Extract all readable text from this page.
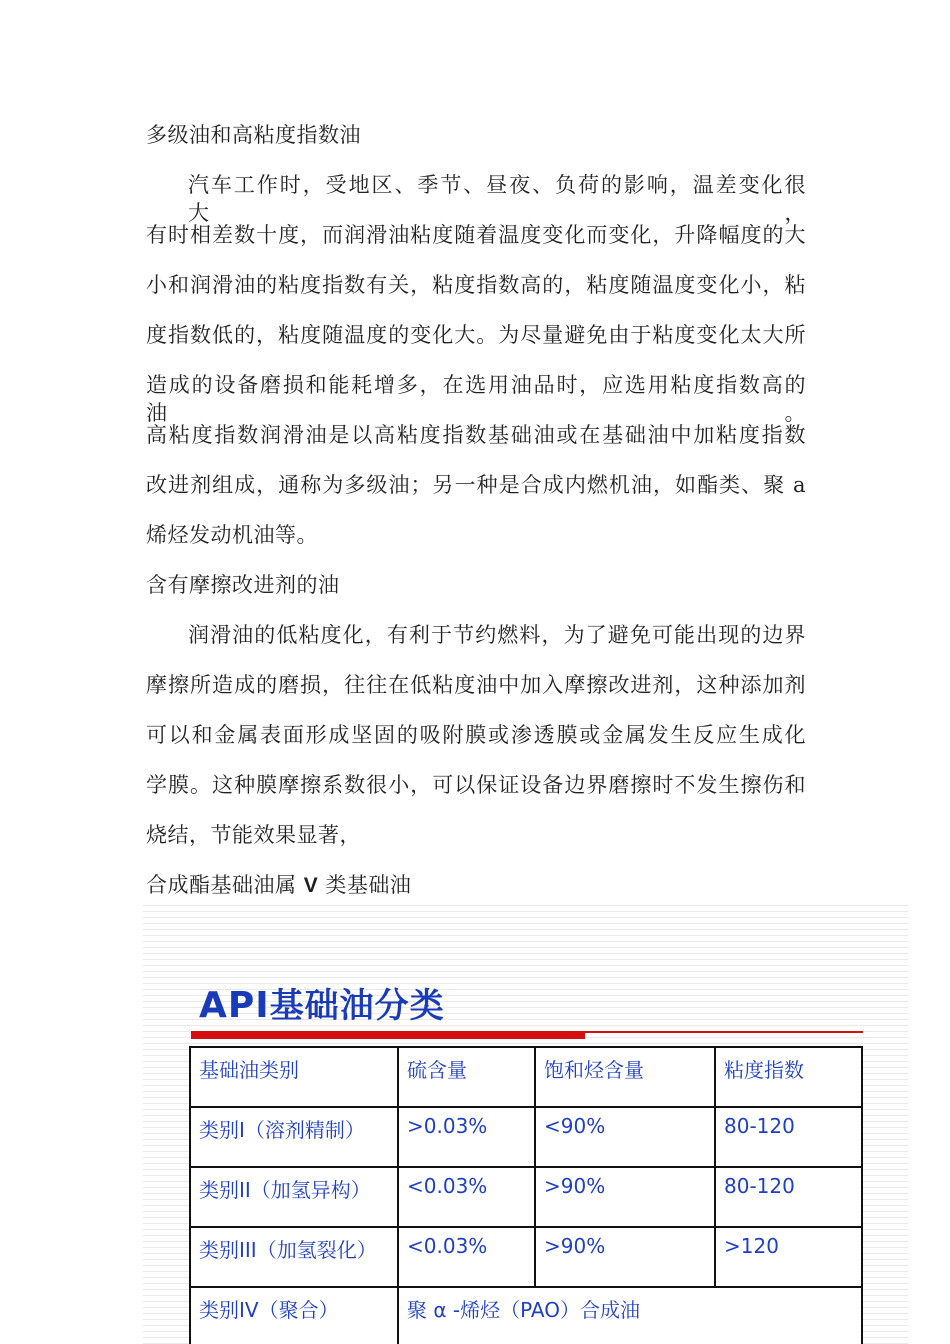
多级油和高粘度指数油
汽车工作时，受地区、季节、昼夜、负荷的影响，温差变化很大，
有时相差数十度，而润滑油粘度随着温度变化而变化，升降幅度的大
小和润滑油的粘度指数有关，粘度指数高的，粘度随温度变化小，粘
度指数低的，粘度随温度的变化大。为尽量避免由于粘度变化太大所
造成的设备磨损和能耗增多，在选用油品时，应选用粘度指数高的油。
高粘度指数润滑油是以高粘度指数基础油或在基础油中加粘度指数
改进剂组成，通称为多级油；另一种是合成内燃机油，如酯类、聚 a
烯烃发动机油等。
含有摩擦改进剂的油
润滑油的低粘度化，有利于节约燃料，为了避免可能出现的边界
摩擦所造成的磨损，往往在低粘度油中加入摩擦改进剂，这种添加剂
可以和金属表面形成坚固的吸附膜或渗透膜或金属发生反应生成化
学膜。这种膜摩擦系数很小，可以保证设备边界磨擦时不发生擦伤和
烧结，节能效果显著，
合成酯基础油属 V 类基础油
API基础油分类
基础油类别	硫含量	饱和烃含量	粘度指数
类别I（溶剂精制）	>0.03%	<90%	80-120
类别II（加氢异构）	<0.03%	>90%	80-120
类别III（加氢裂化）	<0.03%	>90%	>120
类别IV（聚合）	聚 α -烯烃（PAO）合成油		
